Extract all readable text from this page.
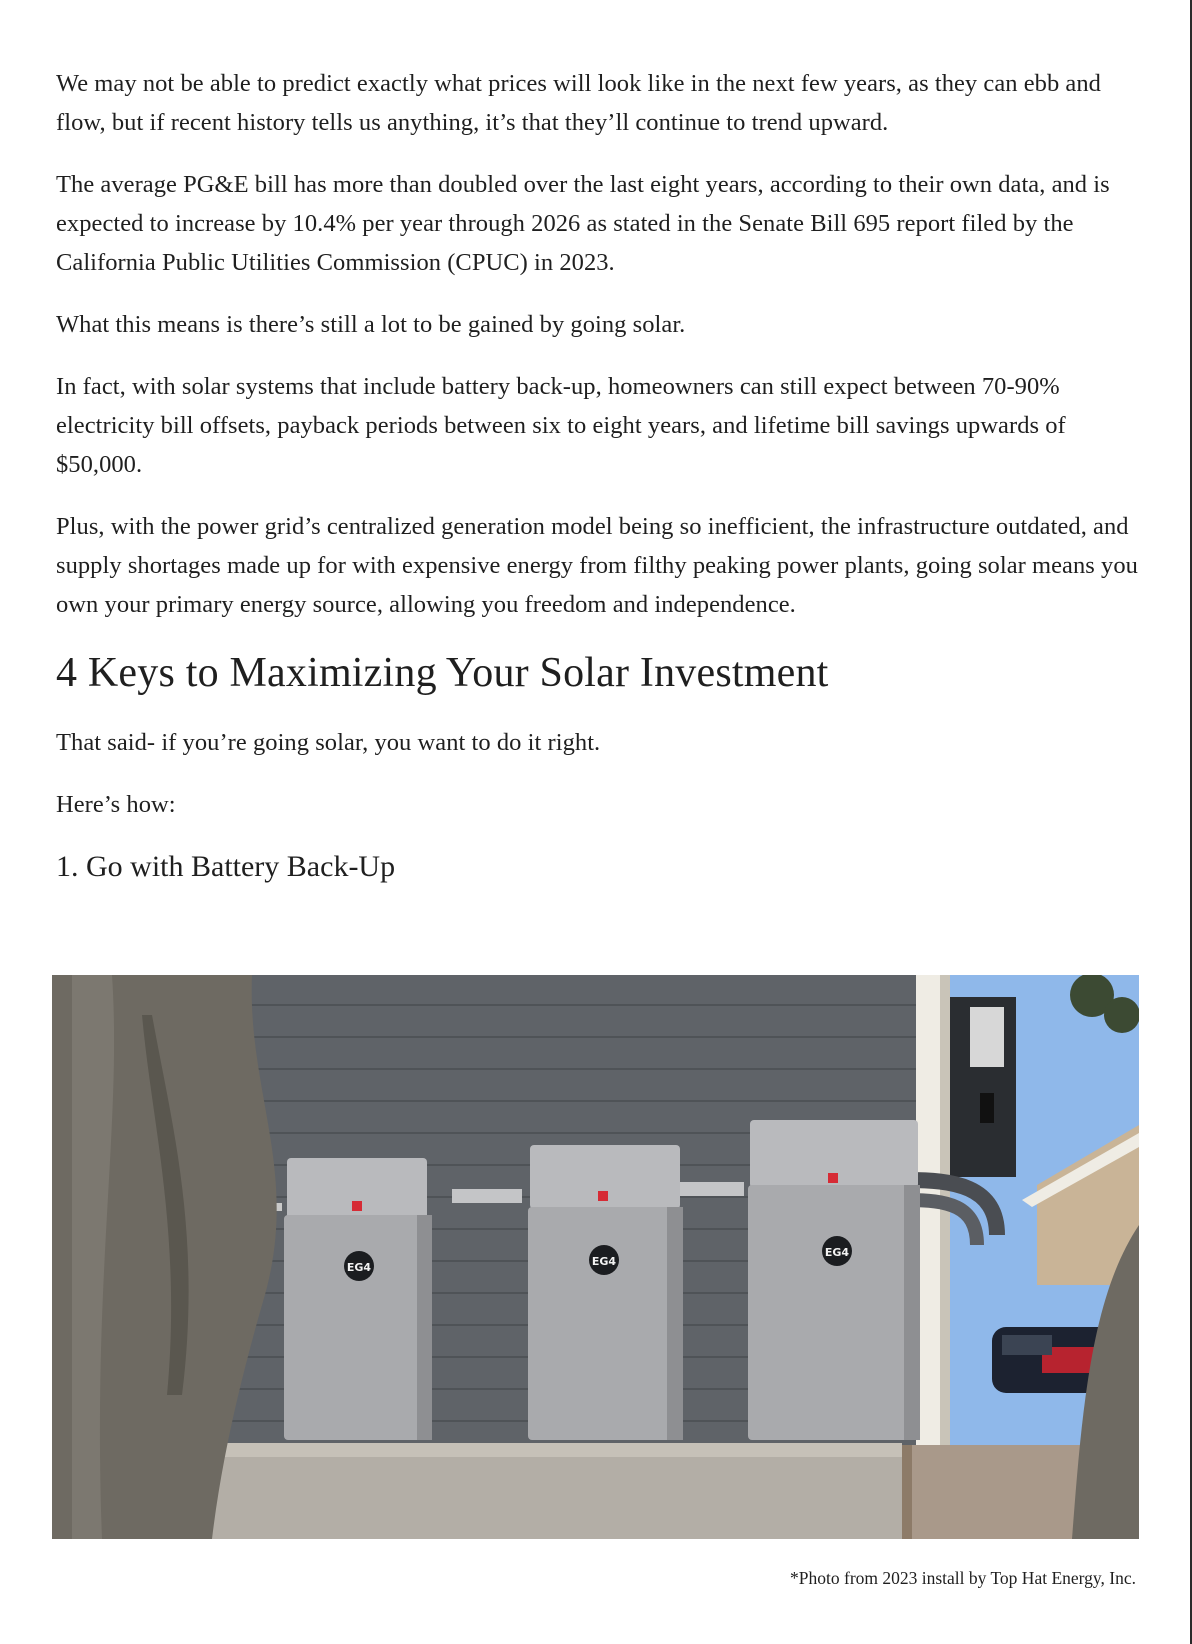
We may not be able to predict exactly what prices will look like in the next few years, as they can ebb and flow, but if recent history tells us anything, it’s that they’ll continue to trend upward.

The average PG&E bill has more than doubled over the last eight years, according to their own data, and is expected to increase by 10.4% per year through 2026 as stated in the Senate Bill 695 report filed by the California Public Utilities Commission (CPUC) in 2023.

What this means is there’s still a lot to be gained by going solar.

In fact, with solar systems that include battery back-up, homeowners can still expect between 70-90% electricity bill offsets, payback periods between six to eight years, and lifetime bill savings upwards of $50,000.

Plus, with the power grid’s centralized generation model being so inefficient, the infrastructure outdated, and supply shortages made up for with expensive energy from filthy peaking power plants, going solar means you own your primary energy source, allowing you freedom and independence.

4 Keys to Maximizing Your Solar Investment

That said- if you’re going solar, you want to do it right.

Here’s how:

1. Go with Battery Back-Up
EG4	EG4
EG4
*Photo from 2023 install by Top Hat Energy, Inc.
